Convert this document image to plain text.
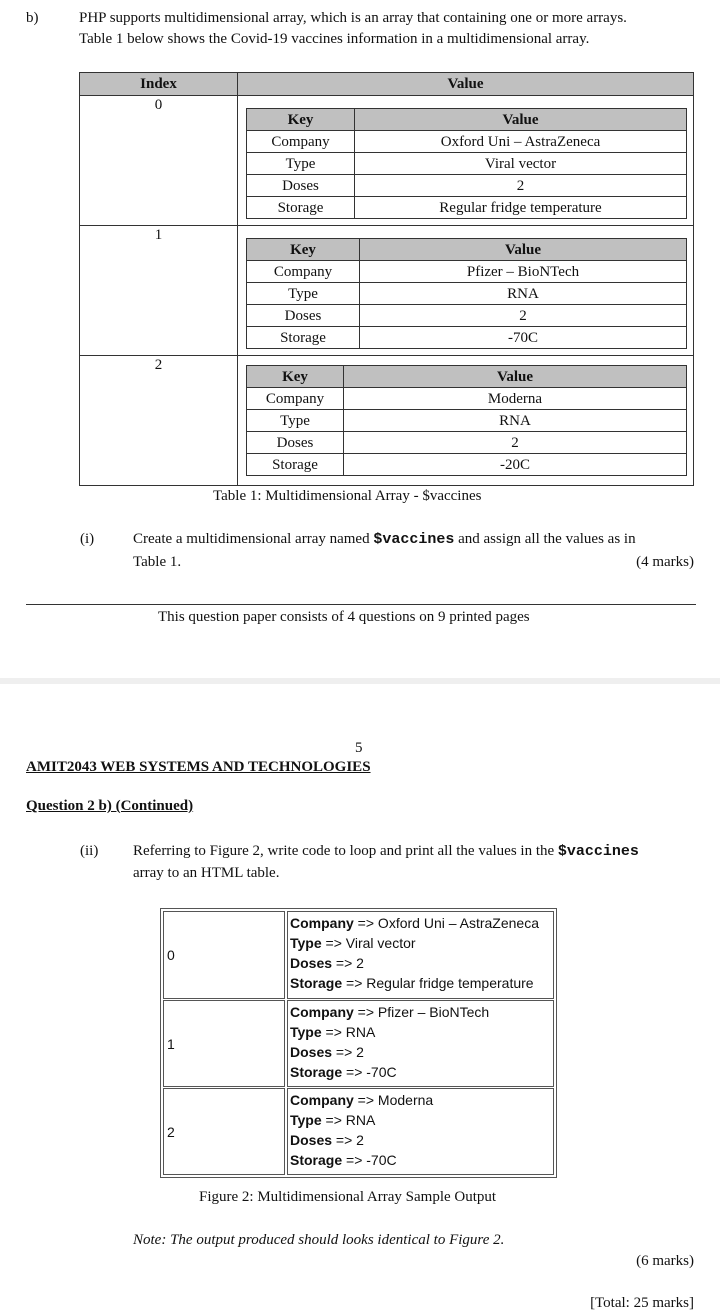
b)	PHP supports multidimensional array, which is an array that containing one or more arrays.
Table 1 below shows the Covid-19 vaccines information in a multidimensional array.
Index	Value
0
Key	Value
Company	Oxford Uni – AstraZeneca
Type	Viral vector
Doses	2
Storage	Regular fridge temperature
1
Key	Value
Company	Pfizer – BioNTech
Type	RNA
Doses	2
Storage	-70C
2
Key	Value
Company	Moderna
Type	RNA
Doses	2
Storage	-20C
Table 1: Multidimensional Array - $vaccines
(i)	Create a multidimensional array named $vaccines and assign all the values as in
Table 1.	(4 marks)
This question paper consists of 4 questions on 9 printed pages
5
AMIT2043 WEB SYSTEMS AND TECHNOLOGIES
Question 2 b) (Continued)
(ii) Referring to Figure 2, write code to loop and print all the values in the $vaccines
array to an HTML table.
0
Company => Oxford Uni – AstraZeneca
Type => Viral vector
Doses => 2
Storage => Regular fridge temperature
1
Company => Pfizer – BioNTech
Type => RNA
Doses => 2
Storage => -70C
2
Company => Moderna
Type => RNA
Doses => 2
Storage => -70C
Figure 2: Multidimensional Array Sample Output
Note: The output produced should looks identical to Figure 2.
(6 marks)
[Total: 25 marks]
